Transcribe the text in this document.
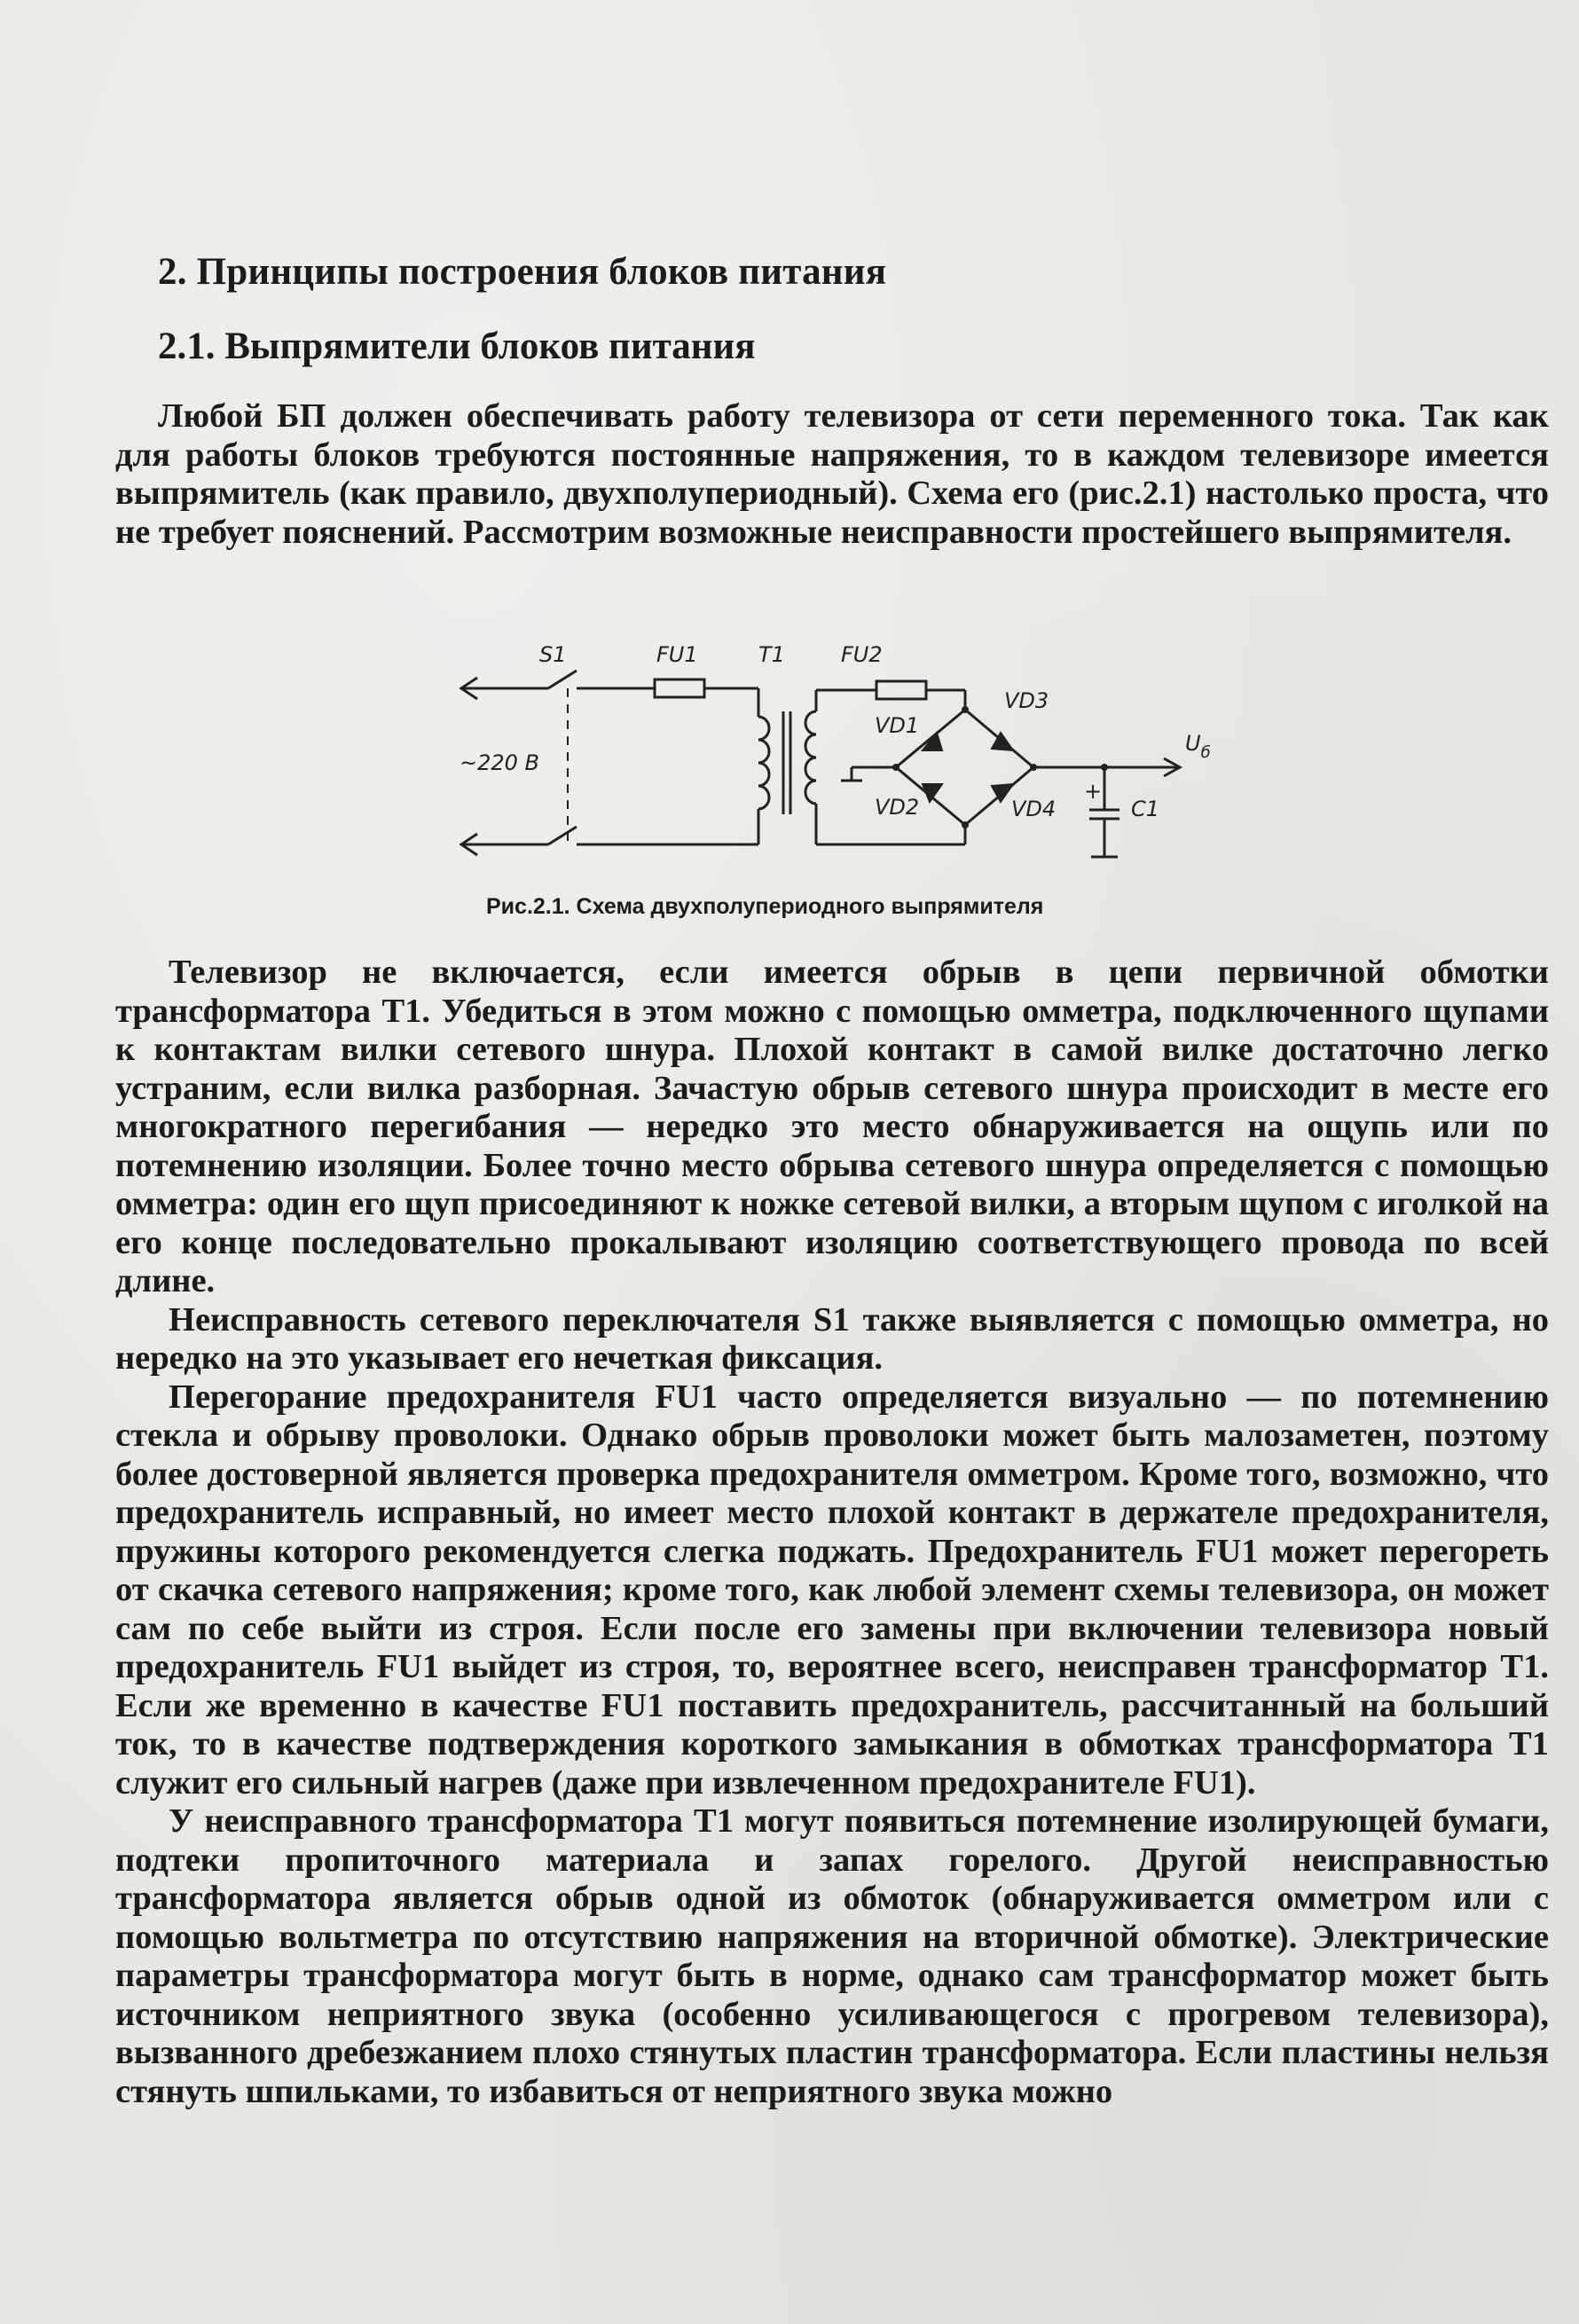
2. Принципы построения блоков питания
2.1. Выпрямители блоков питания
Любой БП должен обеспечивать работу телевизора от сети переменного тока. Так как для работы блоков требуются постоянные напряжения, то в каждом телевизоре имеется выпрямитель (как правило, двухполупериодный). Схема его (рис.2.1) настолько проста, что не требует пояснений. Рассмотрим возможные неисправности простейшего выпрямителя.
S1	FU1	T1	FU2
~220 В
VD1
VD3
VD2	VD4	C1
+
$U_б$
Рис.2.1. Схема двухполупериодного выпрямителя

Телевизор не включается, если имеется обрыв в цепи первичной обмотки трансформатора T1. Убедиться в этом можно с помощью омметра, подключенного щупами к контактам вилки сетевого шнура. Плохой контакт в самой вилке достаточно легко устраним, если вилка разборная. Зачастую обрыв сетевого шнура происходит в месте его многократного перегибания — нередко это место обнаруживается на ощупь или по потемнению изоляции. Более точно место обрыва сетевого шнура определяется с помощью омметра: один его щуп присоединяют к ножке сетевой вилки, а вторым щупом с иголкой на его конце последовательно прокалывают изоляцию соответствующего провода по всей длине.

Неисправность сетевого переключателя S1 также выявляется с помощью омметра, но нередко на это указывает его нечеткая фиксация.

Перегорание предохранителя FU1 часто определяется визуально — по потемнению стекла и обрыву проволоки. Однако обрыв проволоки может быть малозаметен, поэтому более достоверной является проверка предохранителя омметром. Кроме того, возможно, что предохранитель исправный, но имеет место плохой контакт в держателе предохранителя, пружины которого рекомендуется слегка поджать. Предохранитель FU1 может перегореть от скачка сетевого напряжения; кроме того, как любой элемент схемы телевизора, он может сам по себе выйти из строя. Если после его замены при включении телевизора новый предохранитель FU1 выйдет из строя, то, вероятнее всего, неисправен трансформатор T1. Если же временно в качестве FU1 поставить предохранитель, рассчитанный на больший ток, то в качестве подтверждения короткого замыкания в обмотках трансформатора T1 служит его сильный нагрев (даже при извлеченном предохранителе FU1).

У неисправного трансформатора T1 могут появиться потемнение изолирующей бумаги, подтеки пропиточного материала и запах горелого. Другой неисправностью трансформатора является обрыв одной из обмоток (обнаруживается омметром или с помощью вольтметра по отсутствию напряжения на вторичной обмотке). Электрические параметры трансформатора могут быть в норме, однако сам трансформатор может быть источником неприятного звука (особенно усиливающегося с прогревом телевизора), вызванного дребезжанием плохо стянутых пластин трансформатора. Если пластины нельзя стянуть шпильками, то избавиться от неприятного звука можно
